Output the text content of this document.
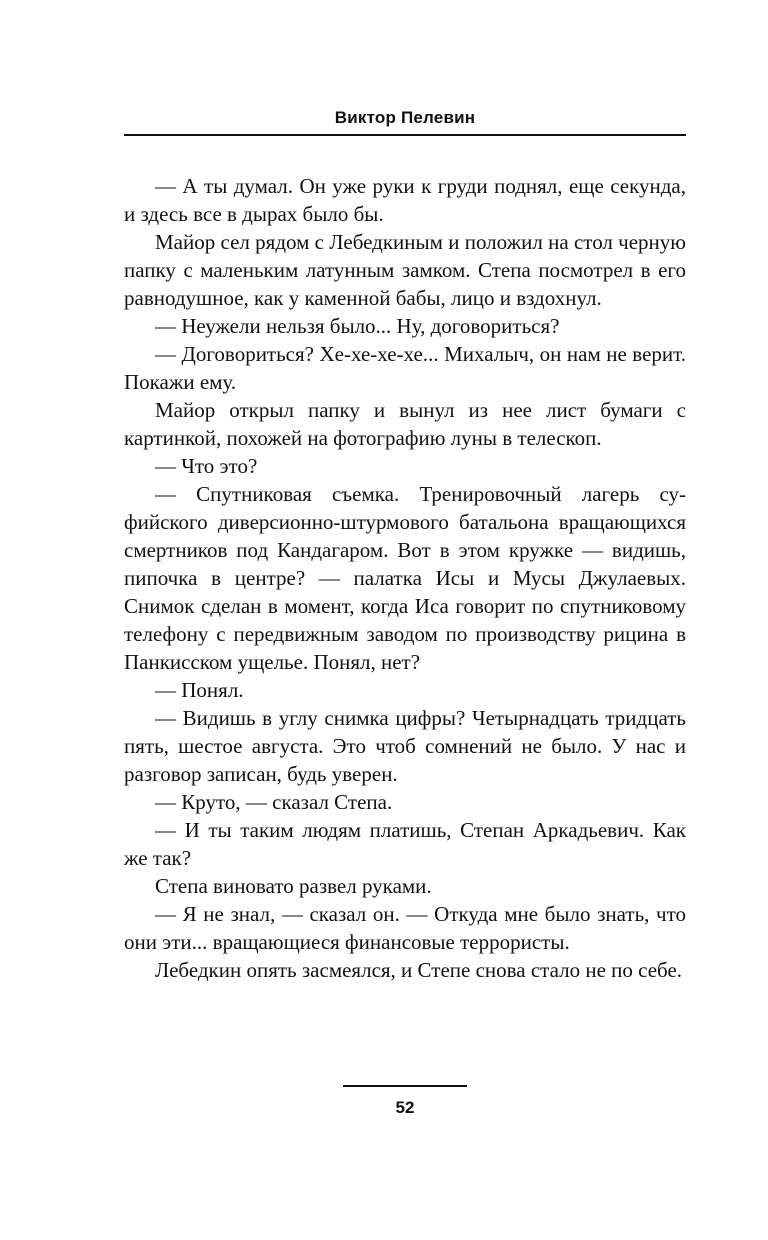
Виктор Пелевин

— А ты думал. Он уже руки к груди поднял, еще секунда, и здесь все в дырах было бы.

Майор сел рядом с Лебедкиным и положил на стол черную папку с маленьким латунным замком. Степа посмотрел в его равнодушное, как у каменной бабы, лицо и вздохнул.

— Неужели нельзя было... Ну, договориться?

— Договориться? Хе-хе-хе-хе... Михалыч, он нам не верит. Покажи ему.

Майор открыл папку и вынул из нее лист бумаги с картинкой, похожей на фотографию луны в телескоп.

— Что это?

— Спутниковая съемка. Тренировочный лагерь суфийского диверсионно-штурмового батальона вращающихся смертников под Кандагаром. Вот в этом кружке — видишь, пипочка в центре? — палатка Исы и Мусы Джулаевых. Снимок сделан в момент, когда Иса говорит по спутниковому телефону с передвижным заводом по производству рицина в Панкисском ущелье. Понял, нет?

— Понял.

— Видишь в углу снимка цифры? Четырнадцать тридцать пять, шестое августа. Это чтоб сомнений не было. У нас и разговор записан, будь уверен.

— Круто, — сказал Степа.

— И ты таким людям платишь, Степан Аркадьевич. Как же так?

Степа виновато развел руками.

— Я не знал, — сказал он. — Откуда мне было знать, что они эти... вращающиеся финансовые террористы.

Лебедкин опять засмеялся, и Степе снова стало не по себе.

52
